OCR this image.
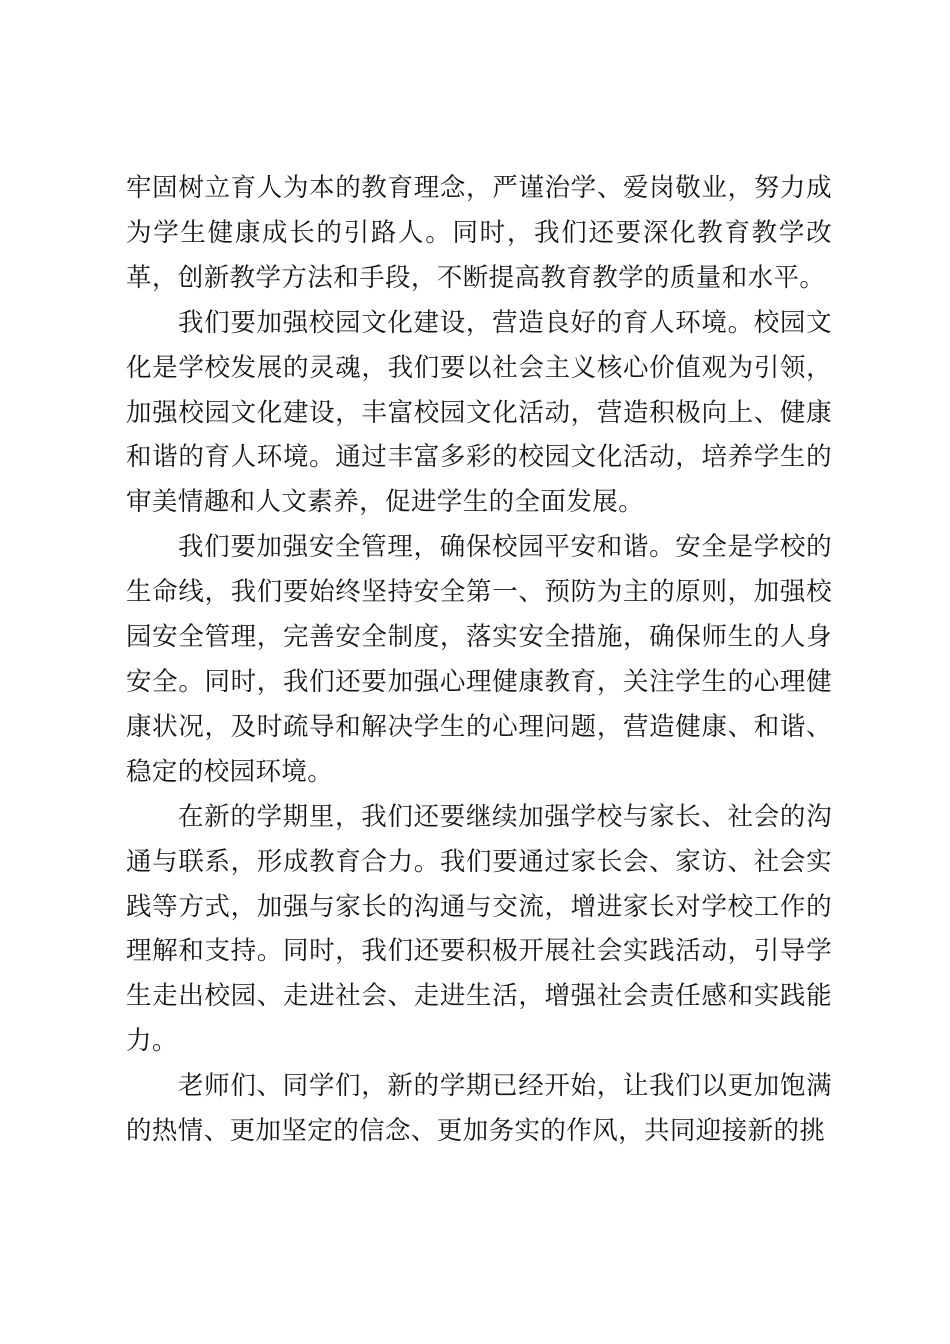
牢固树立育人为本的教育理念，严谨治学、爱岗敬业，努力成为学生健康成长的引路人。同时，我们还要深化教育教学改革，创新教学方法和手段，不断提高教育教学的质量和水平。

我们要加强校园文化建设，营造良好的育人环境。校园文化是学校发展的灵魂，我们要以社会主义核心价值观为引领，加强校园文化建设，丰富校园文化活动，营造积极向上、健康和谐的育人环境。通过丰富多彩的校园文化活动，培养学生的审美情趣和人文素养，促进学生的全面发展。

我们要加强安全管理，确保校园平安和谐。安全是学校的生命线，我们要始终坚持安全第一、预防为主的原则，加强校园安全管理，完善安全制度，落实安全措施，确保师生的人身安全。同时，我们还要加强心理健康教育，关注学生的心理健康状况，及时疏导和解决学生的心理问题，营造健康、和谐、稳定的校园环境。

在新的学期里，我们还要继续加强学校与家长、社会的沟通与联系，形成教育合力。我们要通过家长会、家访、社会实践等方式，加强与家长的沟通与交流，增进家长对学校工作的理解和支持。同时，我们还要积极开展社会实践活动，引导学生走出校园、走进社会、走进生活，增强社会责任感和实践能力。

老师们、同学们，新的学期已经开始，让我们以更加饱满的热情、更加坚定的信念、更加务实的作风，共同迎接新的挑
